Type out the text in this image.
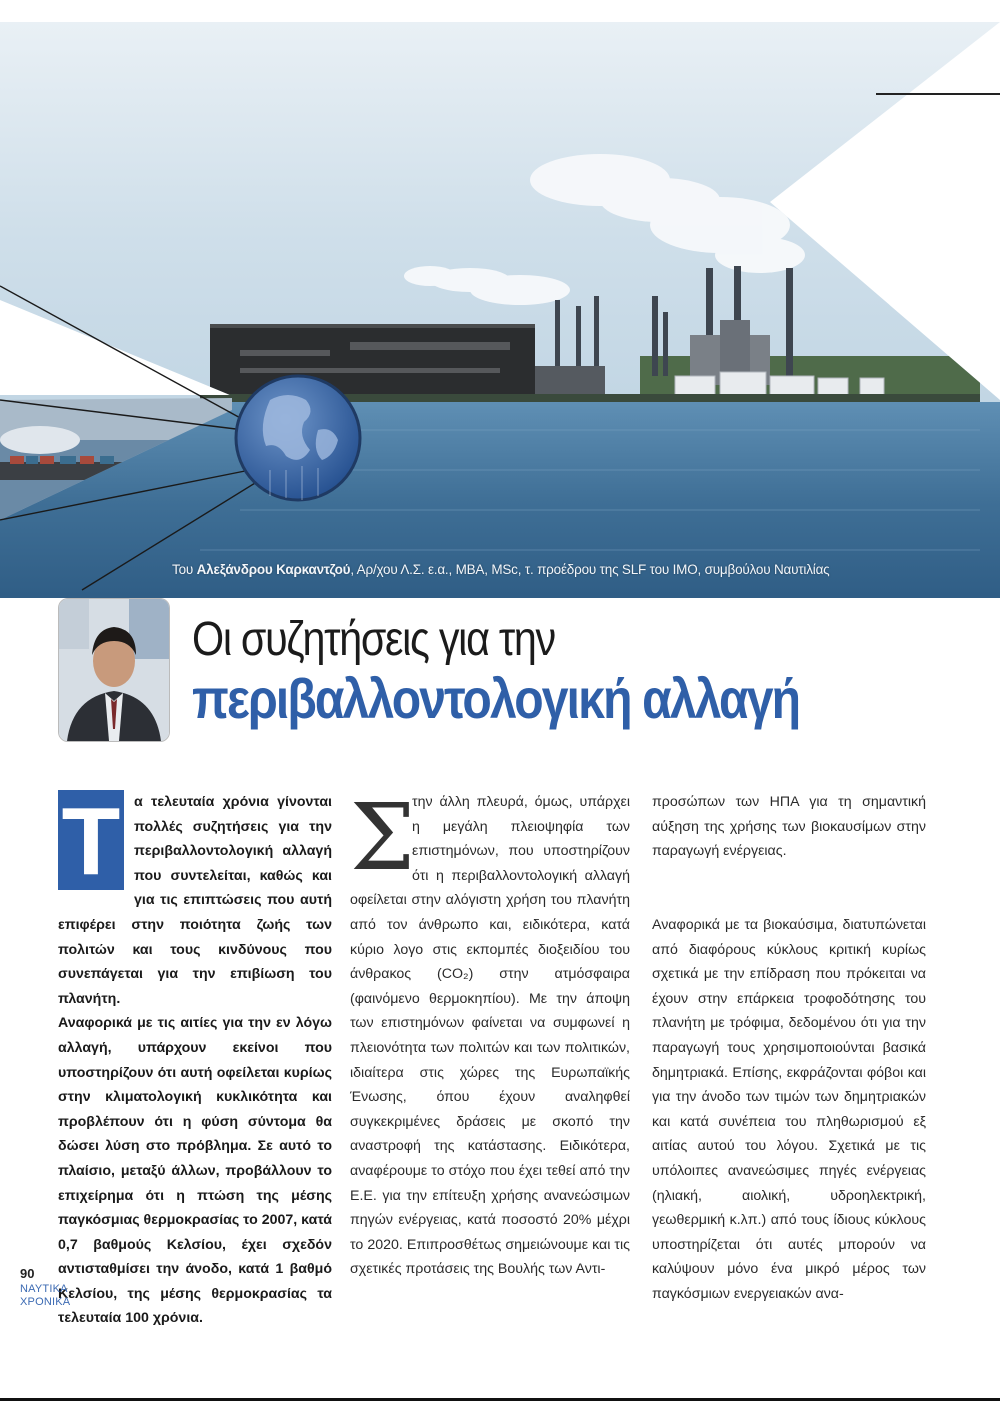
Του Αλεξάνδρου Καρκαντζού, Αρ/χου Λ.Σ. ε.α., ΜΒΑ, MSc, τ. προέδρου της SLF του IMO, συμβούλου Ναυτιλίας
Οι συζητήσεις για την
περιβαλλοντολογική αλλαγή
Τ α τελευταία χρόνια γίνονται πολλές συζητήσεις για την περιβαλλοντολογική αλλαγή που συντελείται, καθώς και για τις επιπτώσεις που αυτή επιφέρει στην ποιότητα ζωής των πολιτών και τους κινδύνους που συνεπάγεται για την επιβίωση του πλανήτη.

Αναφορικά με τις αιτίες για την εν λόγω αλλαγή, υπάρχουν εκείνοι που υποστηρίζουν ότι αυτή οφείλεται κυρίως στην κλιματολογική κυκλικότητα και προβλέπουν ότι η φύση σύντομα θα δώσει λύση στο πρόβλημα. Σε αυτό το πλαίσιο, μεταξύ άλλων, προβάλλουν το επιχείρημα ότι η πτώση της μέσης παγκόσμιας θερμοκρασίας το 2007, κατά 0,7 βαθμούς Κελσίου, έχει σχεδόν αντισταθμίσει την άνοδο, κατά 1 βαθμό Κελσίου, της μέσης θερμοκρασίας τα τελευταία 100 χρόνια.

Σ

την άλλη πλευρά, όμως, υπάρχει η μεγάλη πλειοψηφία των επιστημόνων, που υποστηρίζουν ότι η περιβαλλοντολογική αλλαγή οφείλεται στην αλόγιστη χρήση του πλανήτη από τον άνθρωπο και, ειδικότερα, κατά κύριο λογο στις εκπομπές διοξειδίου του άνθρακος (CO₂) στην ατμόσφαιρα (φαινόμενο θερμοκηπίου). Με την άποψη των επιστημόνων φαίνεται να συμφωνεί η πλειονότητα των πολιτών και των πολιτικών, ιδιαίτερα στις χώρες της Ευρωπαϊκής Ένωσης, όπου έχουν αναληφθεί συγκεκριμένες δράσεις με σκοπό την αναστροφή της κατάστασης. Ειδικότερα, αναφέρουμε το στόχο που έχει τεθεί από την Ε.Ε. για την επίτευξη χρήσης ανανεώσιμων πηγών ενέργειας, κατά ποσοστό 20% μέχρι το 2020. Επιπροσθέτως σημειώνουμε και τις σχετικές προτάσεις της Βουλής των Αντι-

προσώπων των ΗΠΑ για τη σημαντική αύξηση της χρήσης των βιοκαυσίμων στην παραγωγή ενέργειας.

Αναφορικά με τα βιοκαύσιμα, διατυπώνεται από διαφόρους κύκλους κριτική κυρίως σχετικά με την επίδραση που πρόκειται να έχουν στην επάρκεια τροφοδότησης του πλανήτη με τρόφιμα, δεδομένου ότι για την παραγωγή τους χρησιμοποιούνται βασικά δημητριακά. Επίσης, εκφράζονται φόβοι και για την άνοδο των τιμών των δημητριακών και κατά συνέπεια του πληθωρισμού εξ αιτίας αυτού του λόγου. Σχετικά με τις υπόλοιπες ανανεώσιμες πηγές ενέργειας (ηλιακή, αιολική, υδροηλεκτρική, γεωθερμική κ.λπ.) από τους ίδιους κύκλους υποστηρίζεται ότι αυτές μπορούν να καλύψουν μόνο ένα μικρό μέρος των παγκόσμιων ενεργειακών ανα-

90
ΝΑΥΤΙΚΑ
ΧΡΟΝΙΚΑ
